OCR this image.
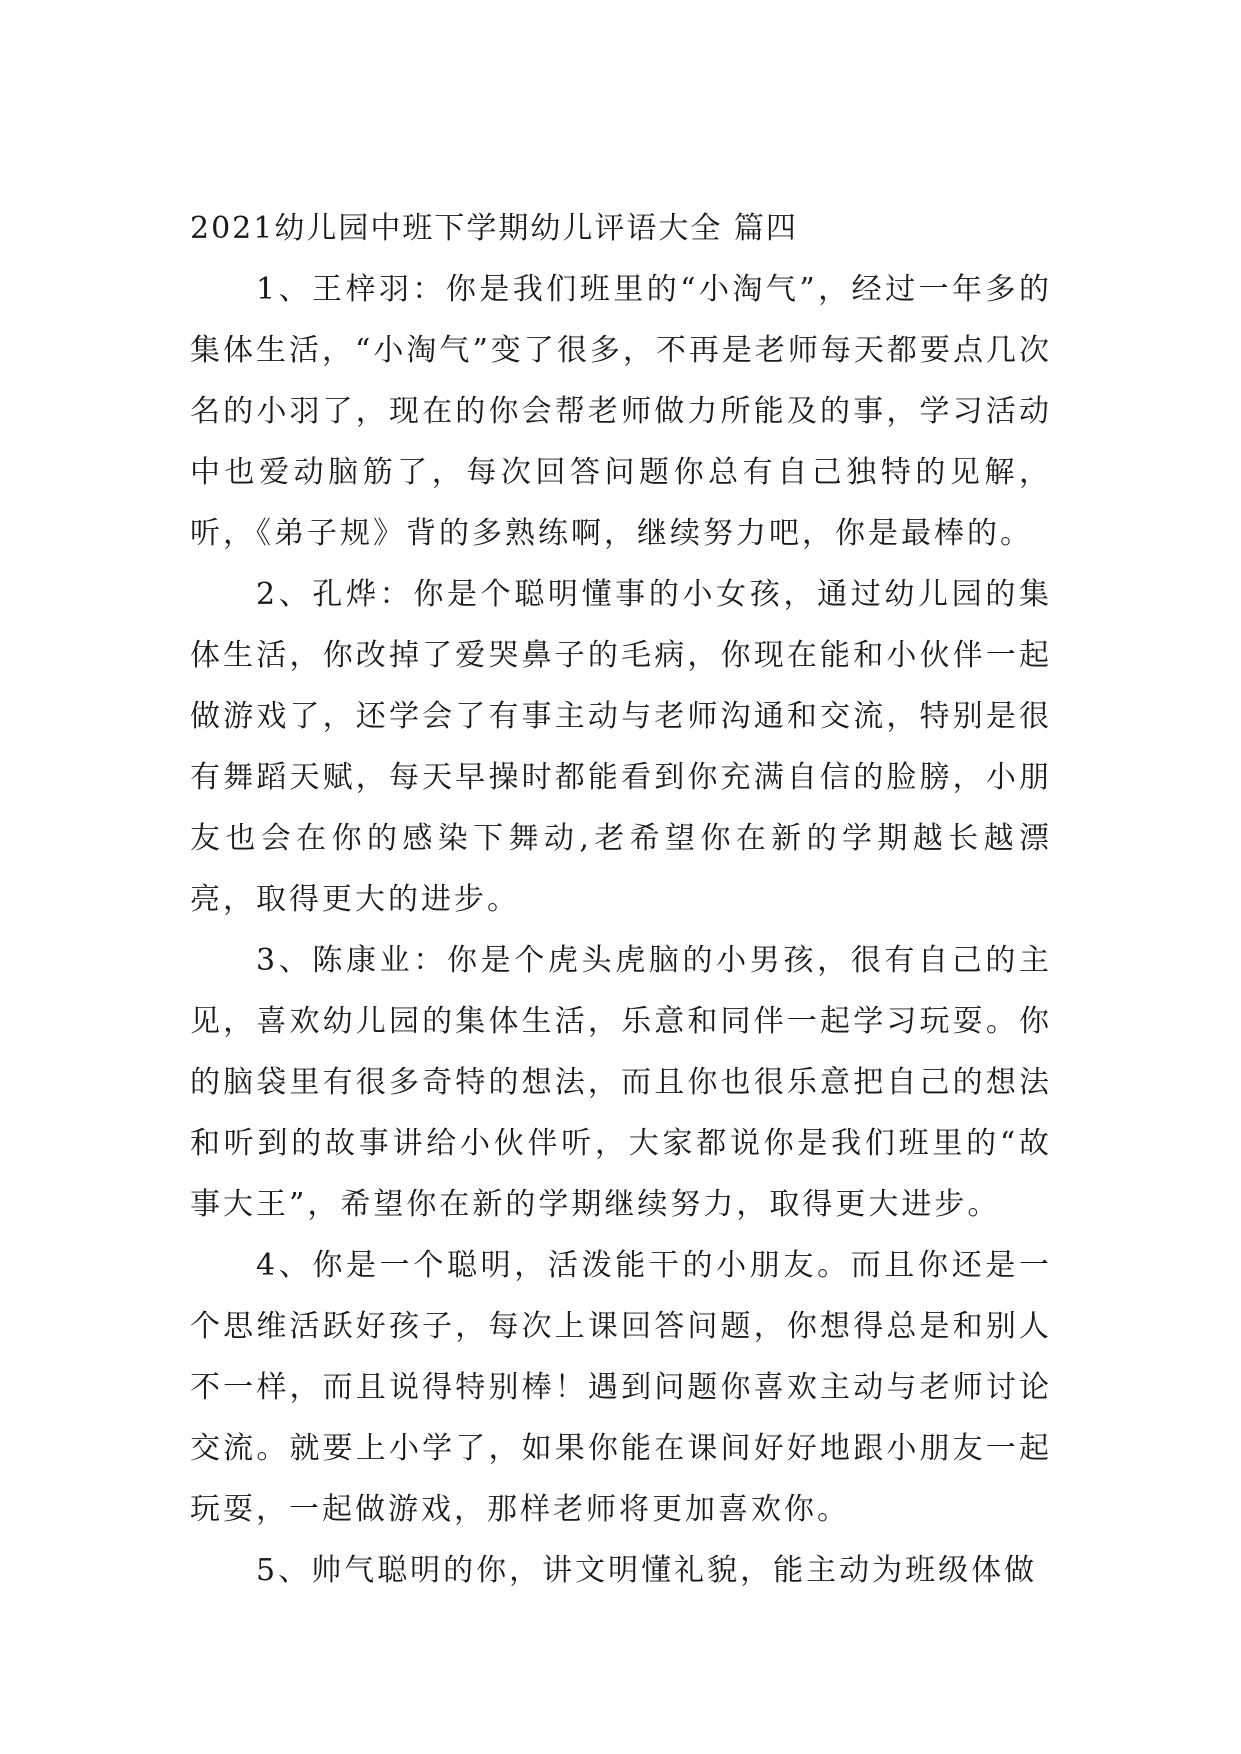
2021幼儿园中班下学期幼儿评语大全 篇四

1、王梓羽：你是我们班里的“小淘气”，经过一年多的集体生活，“小淘气”变了很多，不再是老师每天都要点几次名的小羽了，现在的你会帮老师做力所能及的事，学习活动中也爱动脑筋了，每次回答问题你总有自己独特的见解，听，《弟子规》背的多熟练啊，继续努力吧，你是最棒的。

2、孔烨：你是个聪明懂事的小女孩，通过幼儿园的集体生活，你改掉了爱哭鼻子的毛病，你现在能和小伙伴一起做游戏了，还学会了有事主动与老师沟通和交流，特别是很有舞蹈天赋，每天早操时都能看到你充满自信的脸膀，小朋友也会在你的感染下舞动,老希望你在新的学期越长越漂亮，取得更大的进步。

3、陈康业：你是个虎头虎脑的小男孩，很有自己的主见，喜欢幼儿园的集体生活，乐意和同伴一起学习玩耍。你的脑袋里有很多奇特的想法，而且你也很乐意把自己的想法和听到的故事讲给小伙伴听，大家都说你是我们班里的“故事大王”，希望你在新的学期继续努力，取得更大进步。

4、你是一个聪明，活泼能干的小朋友。而且你还是一个思维活跃好孩子，每次上课回答问题，你想得总是和别人不一样，而且说得特别棒！遇到问题你喜欢主动与老师讨论交流。就要上小学了，如果你能在课间好好地跟小朋友一起玩耍，一起做游戏，那样老师将更加喜欢你。

5、帅气聪明的你，讲文明懂礼貌，能主动为班级体做
